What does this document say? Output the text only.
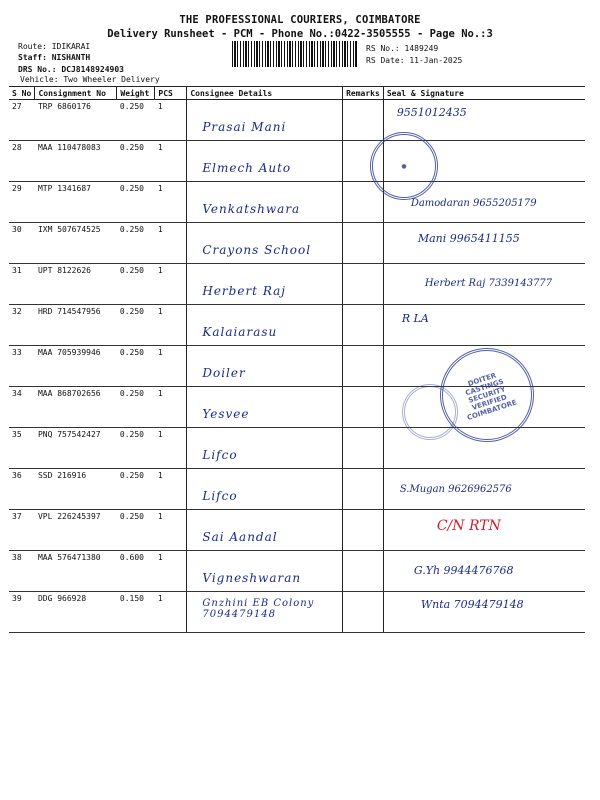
THE PROFESSIONAL COURIERS, COIMBATORE
Delivery Runsheet - PCM - Phone No.:0422-3505555 - Page No.:3
Route: IDIKARAI
Staff: NISHANTH
DRS No.: DCJ8148924903
Vehicle: Two Wheeler Delivery
RS No.: 1489249
RS Date: 11-Jan-2025
S No	Consignment No	Weight	PCS	Consignee Details	Remarks	Seal & Signature
27	TRP 6860176	0.250	1	Prasai Mani		9551012435

28	MAA 110478083	0.250	1	Elmech Auto		

29	MTP 1341687	0.250	1	Venkatshwara		Damodaran 9655205179

30	IXM 507674525	0.250	1	Crayons School		Mani 9965411155

31	UPT 8122626	0.250	1	Herbert Raj		Herbert Raj 7339143777

32	HRD 714547956	0.250	1	Kalaiarasu		R LA

33	MAA 705939946	0.250	1	Doiler		

34	MAA 868702656	0.250	1	Yesvee		

35	PNQ 757542427	0.250	1	Lifco		

36	SSD 216916	0.250	1	Lifco		S.Mugan 9626962576

37	VPL 226245397	0.250	1	Sai Aandal		C/N RTN

38	MAA 576471380	0.600	1	Vigneshwaran		G.Yh 9944476768

39	DDG 966928	0.150	1	Gnzhini EB Colony 7094479148		Wnta 7094479148
●
DOITER CASTINGS SECURITY VERIFIED COIMBATORE
